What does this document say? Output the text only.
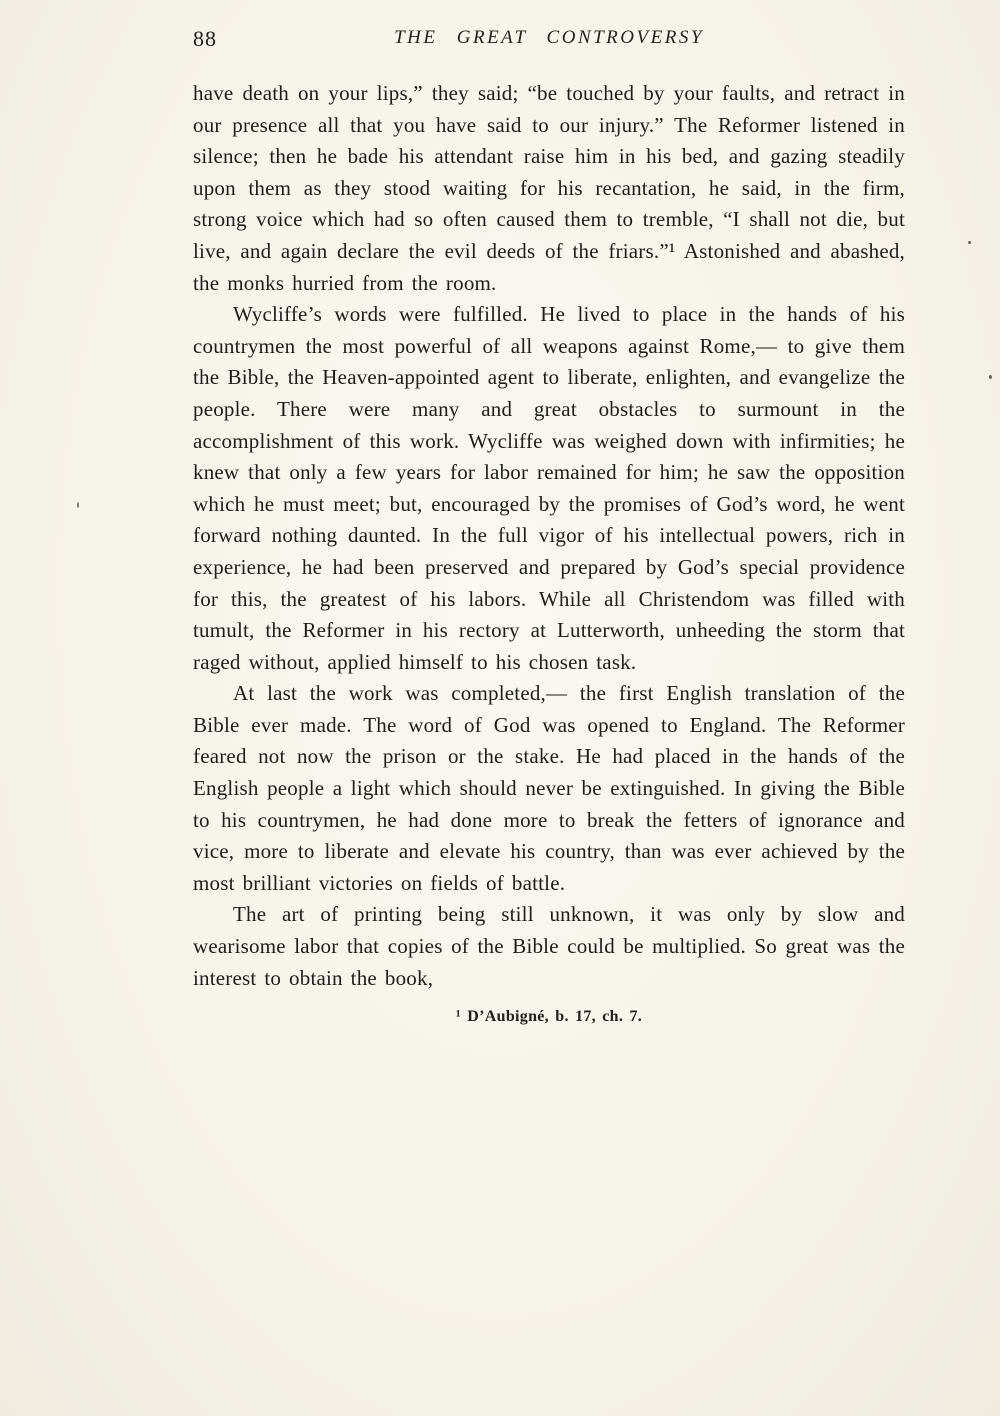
88	THE GREAT CONTROVERSY

have death on your lips,” they said; “be touched by your faults, and retract in our presence all that you have said to our injury.” The Reformer listened in silence; then he bade his attendant raise him in his bed, and gazing steadily upon them as they stood waiting for his recantation, he said, in the firm, strong voice which had so often caused them to tremble, “I shall not die, but live, and again declare the evil deeds of the friars.”¹ Astonished and abashed, the monks hurried from the room.

Wycliffe’s words were fulfilled. He lived to place in the hands of his countrymen the most powerful of all weapons against Rome,— to give them the Bible, the Heaven-appointed agent to liberate, enlighten, and evangelize the people. There were many and great obstacles to surmount in the accomplishment of this work. Wycliffe was weighed down with infirmities; he knew that only a few years for labor remained for him; he saw the opposition which he must meet; but, encouraged by the promises of God’s word, he went forward nothing daunted. In the full vigor of his intellectual powers, rich in experience, he had been preserved and prepared by God’s special providence for this, the greatest of his labors. While all Christendom was filled with tumult, the Reformer in his rectory at Lutterworth, unheeding the storm that raged without, applied himself to his chosen task.

At last the work was completed,— the first English translation of the Bible ever made. The word of God was opened to England. The Reformer feared not now the prison or the stake. He had placed in the hands of the English people a light which should never be extinguished. In giving the Bible to his countrymen, he had done more to break the fetters of ignorance and vice, more to liberate and elevate his country, than was ever achieved by the most brilliant victories on fields of battle.

The art of printing being still unknown, it was only by slow and wearisome labor that copies of the Bible could be multiplied. So great was the interest to obtain the book,

¹ D’Aubigné, b. 17, ch. 7.
